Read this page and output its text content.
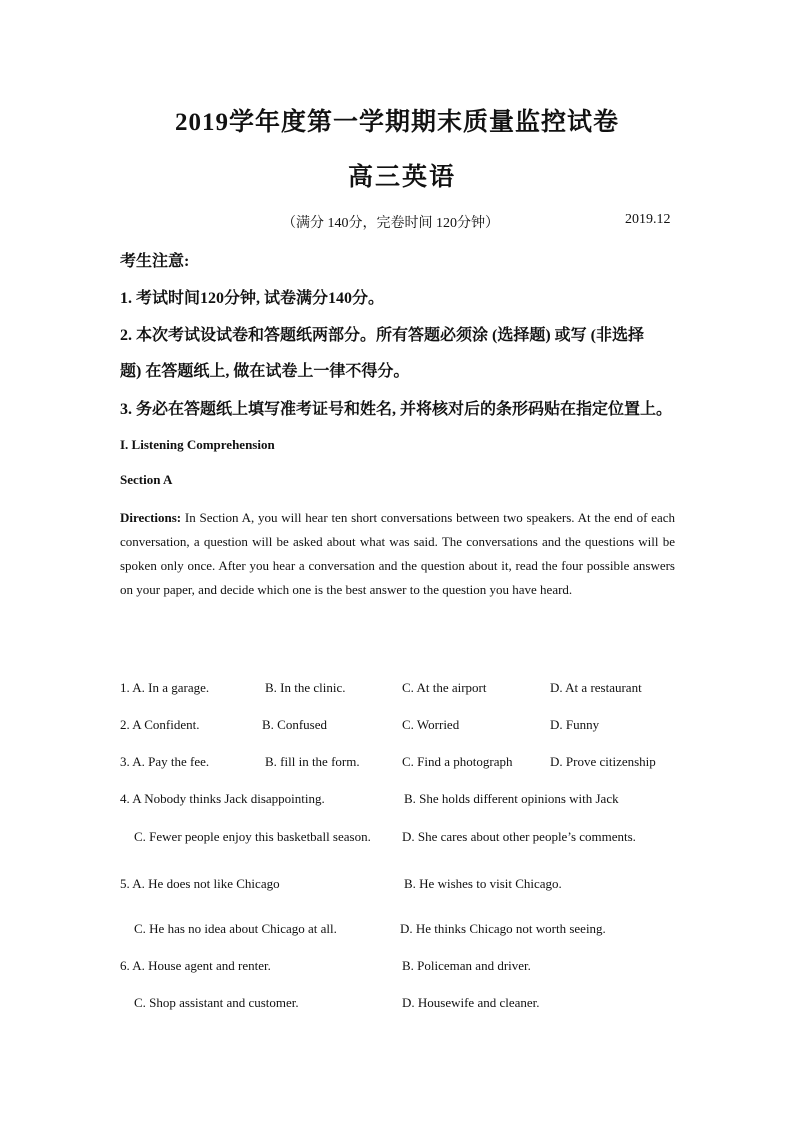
2019学年度第一学期期末质量监控试卷
高三英语
（满分 140分，完卷时间 120分钟）	2019.12
考生注意:
1. 考试时间120分钟, 试卷满分140分。
2. 本次考试设试卷和答题纸两部分。所有答题必须涂 (选择题) 或写 (非选择
题) 在答题纸上, 做在试卷上一律不得分。
3. 务必在答题纸上填写准考证号和姓名, 并将核对后的条形码贴在指定位置上。
I. Listening Comprehension
Section A
Directions: In Section A, you will hear ten short conversations between two speakers. At the end of each conversation, a question will be asked about what was said. The conversations and the questions will be spoken only once. After you hear a conversation and the question about it, read the four possible answers on your paper, and decide which one is the best answer to the question you have heard.
1. A. In a garage.	B. In the clinic.	C. At the airport	D. At a restaurant
2. A Confident.	B. Confused	C. Worried	D. Funny
3. A. Pay the fee.	B. fill in the form.	C. Find a photograph	D. Prove citizenship
4. A Nobody thinks Jack disappointing.	B. She holds different opinions with Jack
C. Fewer people enjoy this basketball season. D. She cares about other people’s comments.
5. A. He does not like Chicago	B. He wishes to visit Chicago.
C. He has no idea about Chicago at all.	D. He thinks Chicago not worth seeing.
6. A. House agent and renter.	B. Policeman and driver.
C. Shop assistant and customer.	D. Housewife and cleaner.
